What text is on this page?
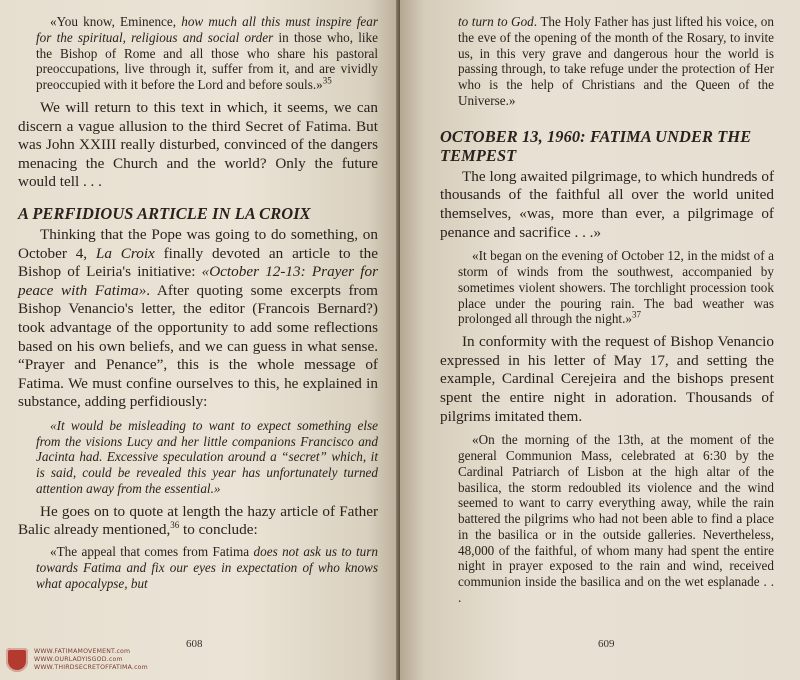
«You know, Eminence, how much all this must inspire fear for the spiritual, religious and social order in those who, like the Bishop of Rome and all those who share his pastoral preoccupations, live through it, suffer from it, and are vividly preoccupied with it before the Lord and before souls.»$^{35}$

We will return to this text in which, it seems, we can discern a vague allusion to the third Secret of Fatima. But was John XXIII really disturbed, convinced of the dangers menacing the Church and the world? Only the future would tell . . .

A PERFIDIOUS ARTICLE IN LA CROIX

Thinking that the Pope was going to do something, on October 4, La Croix finally devoted an article to the Bishop of Leiria's initiative: «October 12-13: Prayer for peace with Fatima». After quoting some excerpts from Bishop Venancio's letter, the editor (Francois Bernard?) took advantage of the opportunity to add some reflections based on his own beliefs, and we can guess in what sense. “Prayer and Penance”, this is the whole message of Fatima. We must confine ourselves to this, he explained in substance, adding perfidiously:

«It would be misleading to want to expect something else from the visions Lucy and her little companions Francisco and Jacinta had. Excessive speculation around a “secret” which, it is said, could be revealed this year has unfortunately turned attention away from the essential.»

He goes on to quote at length the hazy article of Father Balic already mentioned,$^{36}$ to conclude:

«The appeal that comes from Fatima does not ask us to turn towards Fatima and fix our eyes in expectation of who knows what apocalypse, but

608
WWW.FATIMAMOVEMENT.com
WWW.OURLADYISGOD.com
WWW.THIRDSECRETOFFATIMA.com

to turn to God. The Holy Father has just lifted his voice, on the eve of the opening of the month of the Rosary, to invite us, in this very grave and dangerous hour the world is passing through, to take refuge under the protection of Her who is the help of Christians and the Queen of the Universe.»

OCTOBER 13, 1960: FATIMA UNDER THE TEMPEST

The long awaited pilgrimage, to which hundreds of thousands of the faithful all over the world united themselves, «was, more than ever, a pilgrimage of penance and sacrifice . . .»

«It began on the evening of October 12, in the midst of a storm of winds from the southwest, accompanied by sometimes violent showers. The torchlight procession took place under the pouring rain. The bad weather was prolonged all through the night.»$^{37}$

In conformity with the request of Bishop Venancio expressed in his letter of May 17, and setting the example, Cardinal Cerejeira and the bishops present spent the entire night in adoration. Thousands of pilgrims imitated them.

«On the morning of the 13th, at the moment of the general Communion Mass, celebrated at 6:30 by the Cardinal Patriarch of Lisbon at the high altar of the basilica, the storm redoubled its violence and the wind seemed to want to carry everything away, while the rain battered the pilgrims who had not been able to find a place in the basilica or in the outside galleries. Nevertheless, 48,000 of the faithful, of whom many had spent the entire night in prayer exposed to the rain and wind, received communion inside the basilica and on the wet esplanade . . .

609
